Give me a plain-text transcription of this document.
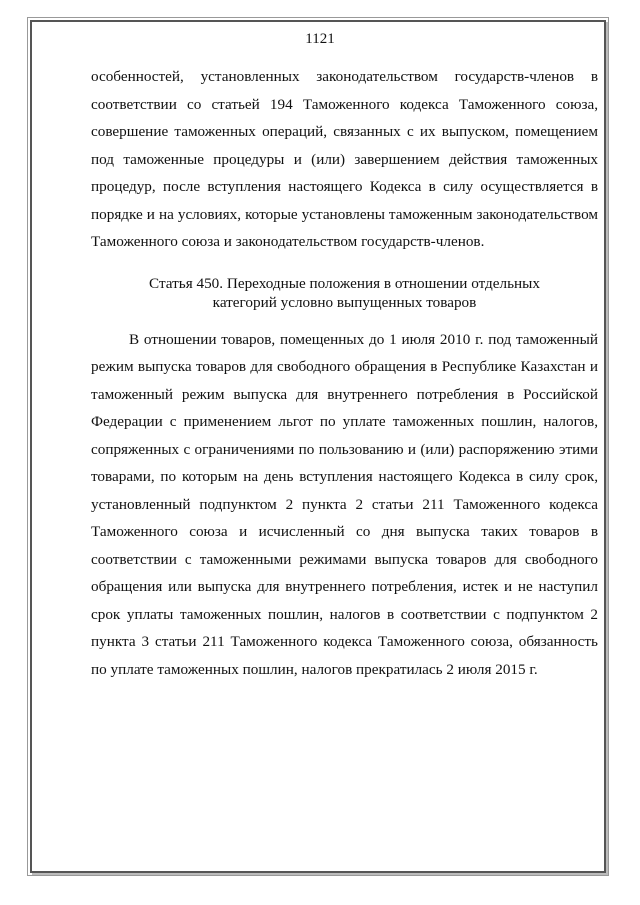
1121

особенностей, установленных законодательством государств-членов в соответствии со статьей 194 Таможенного кодекса Таможенного союза, совершение таможенных операций, связанных с их выпуском, помещением под таможенные процедуры и (или) завершением действия таможенных процедур, после вступления настоящего Кодекса в силу осуществляется в порядке и на условиях, которые установлены таможенным законодательством Таможенного союза и законодательством государств-членов.

Статья 450. Переходные положения в отношении отдельных
категорий условно выпущенных товаров

В отношении товаров, помещенных до 1 июля 2010 г. под таможенный режим выпуска товаров для свободного обращения в Республике Казахстан и таможенный режим выпуска для внутреннего потребления в Российской Федерации с применением льгот по уплате таможенных пошлин, налогов, сопряженных с ограничениями по пользованию и (или) распоряжению этими товарами, по которым на день вступления настоящего Кодекса в силу срок, установленный подпунктом 2 пункта 2 статьи 211 Таможенного кодекса Таможенного союза и исчисленный со дня выпуска таких товаров в соответствии с таможенными режимами выпуска товаров для свободного обращения или выпуска для внутреннего потребления, истек и не наступил срок уплаты таможенных пошлин, налогов в соответствии с подпунктом 2 пункта 3 статьи 211 Таможенного кодекса Таможенного союза, обязанность по уплате таможенных пошлин, налогов прекратилась 2 июля 2015 г.
